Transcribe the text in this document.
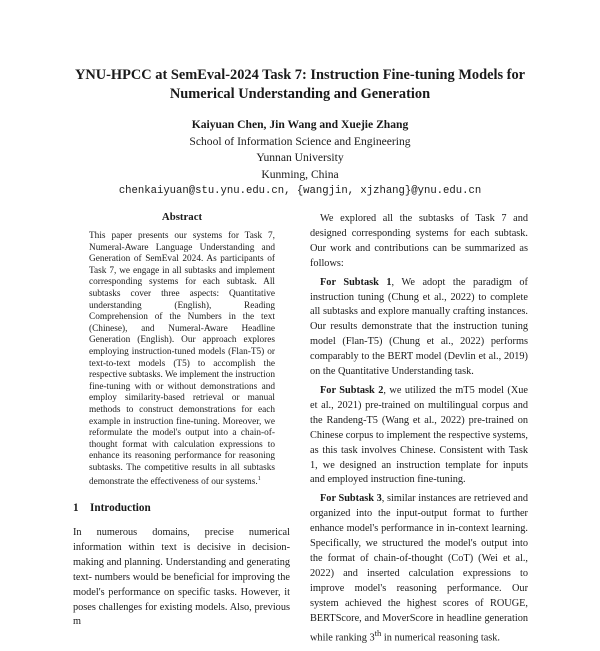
YNU-HPCC at SemEval-2024 Task 7: Instruction Fine-tuning Models for
Numerical Understanding and Generation
Kaiyuan Chen, Jin Wang and Xuejie Zhang
School of Information Science and Engineering
Yunnan University
Kunming, China
chenkaiyuan@stu.ynu.edu.cn, {wangjin, xjzhang}@ynu.edu.cn
Abstract

This paper presents our systems for Task 7, Numeral-Aware Language Understanding and Generation of SemEval 2024. As participants of Task 7, we engage in all subtasks and implement corresponding systems for each subtask. All subtasks cover three aspects: Quantitative understanding (English), Reading Comprehension of the Numbers in the text (Chinese), and Numeral-Aware Headline Generation (English). Our approach explores employing instruction-tuned models (Flan-T5) or text-to-text models (T5) to accomplish the respective subtasks. We implement the instruction fine-tuning with or without demonstrations and employ similarity-based retrieval or manual methods to construct demonstrations for each example in instruction fine-tuning. Moreover, we reformulate the model's output into a chain-of-thought format with calculation expressions to enhance its reasoning performance for reasoning subtasks. The competitive results in all subtasks demonstrate the effectiveness of our systems.$^1$

1 Introduction

In numerous domains, precise numerical information within text is decisive in decision-making and planning. Understanding and generating text- numbers would be beneficial for improving the model's performance on specific tasks. However, it poses challenges for existing models. Also, previous m

We explored all the subtasks of Task 7 and designed corresponding systems for each subtask. Our work and contributions can be summarized as follows:

For Subtask 1, We adopt the paradigm of instruction tuning (Chung et al., 2022) to complete all subtasks and explore manually crafting instances. Our results demonstrate that the instruction tuning model (Flan-T5) (Chung et al., 2022) performs comparably to the BERT model (Devlin et al., 2019) on the Quantitative Understanding task.

For Subtask 2, we utilized the mT5 model (Xue et al., 2021) pre-trained on multilingual corpus and the Randeng-T5 (Wang et al., 2022) pre-trained on Chinese corpus to implement the respective systems, as this task involves Chinese. Consistent with Task 1, we designed an instruction template for inputs and employed instruction fine-tuning.

For Subtask 3, similar instances are retrieved and organized into the input-output format to further enhance model's performance in in-context learning. Specifically, we structured the model's output into the format of chain-of-thought (CoT) (Wei et al., 2022) and inserted calculation expressions to improve model's reasoning performance. Our system achieved the highest scores of ROUGE, BERTScore, and MoverScore in headline generation while ranking 3th in numerical reasoning task.
